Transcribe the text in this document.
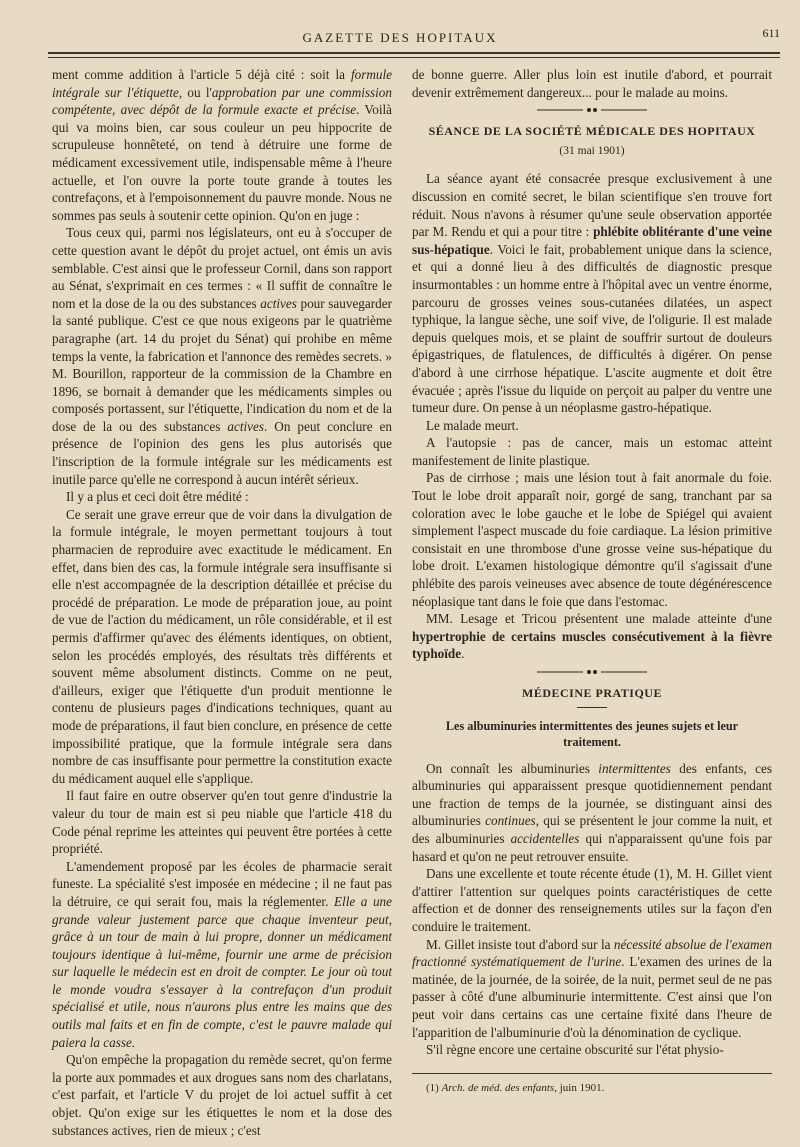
GAZETTE DES HOPITAUX	611

ment comme addition à l'article 5 déjà cité : soit la formule intégrale sur l'étiquette, ou l'approbation par une commission compétente, avec dépôt de la formule exacte et précise. Voilà qui va moins bien, car sous couleur un peu hippocrite de scrupuleuse honnêteté, on tend à détruire une forme de médicament excessivement utile, indispensable même à l'heure actuelle, et l'on ouvre la porte toute grande à toutes les contrefaçons, et à l'empoisonnement du pauvre monde. Nous ne sommes pas seuls à soutenir cette opinion. Qu'on en juge :

Tous ceux qui, parmi nos législateurs, ont eu à s'occuper de cette question avant le dépôt du projet actuel, ont émis un avis semblable. C'est ainsi que le professeur Cornil, dans son rapport au Sénat, s'exprimait en ces termes : « Il suffit de connaître le nom et la dose de la ou des substances actives pour sauvegarder la santé publique. C'est ce que nous exigeons par le quatrième paragraphe (art. 14 du projet du Sénat) qui prohibe en même temps la vente, la fabrication et l'annonce des remèdes secrets. » M. Bourillon, rapporteur de la commission de la Chambre en 1896, se bornait à demander que les médicaments simples ou composés portassent, sur l'étiquette, l'indication du nom et de la dose de la ou des substances actives. On peut conclure en présence de l'opinion des gens les plus autorisés que l'inscription de la formule intégrale sur les médicaments est inutile parce qu'elle ne correspond à aucun intérêt sérieux.

Il y a plus et ceci doit être médité :

Ce serait une grave erreur que de voir dans la divulgation de la formule intégrale, le moyen permettant toujours à tout pharmacien de reproduire avec exactitude le médicament. En effet, dans bien des cas, la formule intégrale sera insuffisante si elle n'est accompagnée de la description détaillée et précise du procédé de préparation. Le mode de préparation joue, au point de vue de l'action du médicament, un rôle considérable, et il est permis d'affirmer qu'avec des éléments identiques, on obtient, selon les procédés employés, des résultats très différents et souvent même absolument distincts. Comme on ne peut, d'ailleurs, exiger que l'étiquette d'un produit mentionne le contenu de plusieurs pages d'indications techniques, quant au mode de préparations, il faut bien conclure, en présence de cette impossibilité pratique, que la formule intégrale sera dans nombre de cas insuffisante pour permettre la constitution exacte du médicament auquel elle s'applique.

Il faut faire en outre observer qu'en tout genre d'industrie la valeur du tour de main est si peu niable que l'article 418 du Code pénal reprime les atteintes qui peuvent être portées à cette propriété.

L'amendement proposé par les écoles de pharmacie serait funeste. La spécialité s'est imposée en médecine ; il ne faut pas la détruire, ce qui serait fou, mais la réglementer. Elle a une grande valeur justement parce que chaque inventeur peut, grâce à un tour de main à lui propre, donner un médicament toujours identique à lui-même, fournir une arme de précision sur laquelle le médecin est en droit de compter. Le jour où tout le monde voudra s'essayer à la contrefaçon d'un produit spécialisé et utile, nous n'aurons plus entre les mains que des outils mal faits et en fin de compte, c'est le pauvre malade qui paiera la casse.

Qu'on empêche la propagation du remède secret, qu'on ferme la porte aux pommades et aux drogues sans nom des charlatans, c'est parfait, et l'article V du projet de loi actuel suffit à cet objet. Qu'on exige sur les étiquettes le nom et la dose des substances actives, rien de mieux ; c'est

de bonne guerre. Aller plus loin est inutile d'abord, et pourrait devenir extrêmement dangereux... pour le malade au moins.

SÉANCE DE LA SOCIÉTÉ MÉDICALE DES HOPITAUX
(31 mai 1901)

La séance ayant été consacrée presque exclusivement à une discussion en comité secret, le bilan scientifique s'en trouve fort réduit. Nous n'avons à résumer qu'une seule observation apportée par M. Rendu et qui a pour titre : phlébite oblitérante d'une veine sus-hépatique. Voici le fait, probablement unique dans la science, et qui a donné lieu à des difficultés de diagnostic presque insurmontables : un homme entre à l'hôpital avec un ventre énorme, parcouru de grosses veines sous-cutanées dilatées, un aspect typhique, la langue sèche, une soif vive, de l'oligurie. Il est malade depuis quelques mois, et se plaint de souffrir surtout de douleurs épigastriques, de flatulences, de difficultés à digérer. On pense d'abord à une cirrhose hépatique. L'ascite augmente et doit être évacuée ; après l'issue du liquide on perçoit au palper du ventre une tumeur dure. On pense à un néoplasme gastro-hépatique.

Le malade meurt.

A l'autopsie : pas de cancer, mais un estomac atteint manifestement de linite plastique.

Pas de cirrhose ; mais une lésion tout à fait anormale du foie. Tout le lobe droit apparaît noir, gorgé de sang, tranchant par sa coloration avec le lobe gauche et le lobe de Spiégel qui avaient simplement l'aspect muscade du foie cardiaque. La lésion primitive consistait en une thrombose d'une grosse veine sus-hépatique du lobe droit. L'examen histologique démontre qu'il s'agissait d'une phlébite des parois veineuses avec absence de toute dégénérescence néoplasique tant dans le foie que dans l'estomac.

MM. Lesage et Tricou présentent une malade atteinte d'une hypertrophie de certains muscles consécutivement à la fièvre typhoïde.

MÉDECINE PRATIQUE
Les albuminuries intermittentes des jeunes sujets et leur traitement.

On connaît les albuminuries intermittentes des enfants, ces albuminuries qui apparaissent presque quotidiennement pendant une fraction de temps de la journée, se distinguant ainsi des albuminuries continues, qui se présentent le jour comme la nuit, et des albuminuries accidentelles qui n'apparaissent qu'une fois par hasard et qu'on ne peut retrouver ensuite.

Dans une excellente et toute récente étude (1), M. H. Gillet vient d'attirer l'attention sur quelques points caractéristiques de cette affection et de donner des renseignements utiles sur la façon d'en conduire le traitement.

M. Gillet insiste tout d'abord sur la nécessité absolue de l'examen fractionné systématiquement de l'urine. L'examen des urines de la matinée, de la journée, de la soirée, de la nuit, permet seul de ne pas passer à côté d'une albuminurie intermittente. C'est ainsi que l'on peut voir dans certains cas une certaine fixité dans l'heure de l'apparition de l'albuminurie d'où la dénomination de cyclique.

S'il règne encore une certaine obscurité sur l'état physio-

(1) Arch. de méd. des enfants, juin 1901.
